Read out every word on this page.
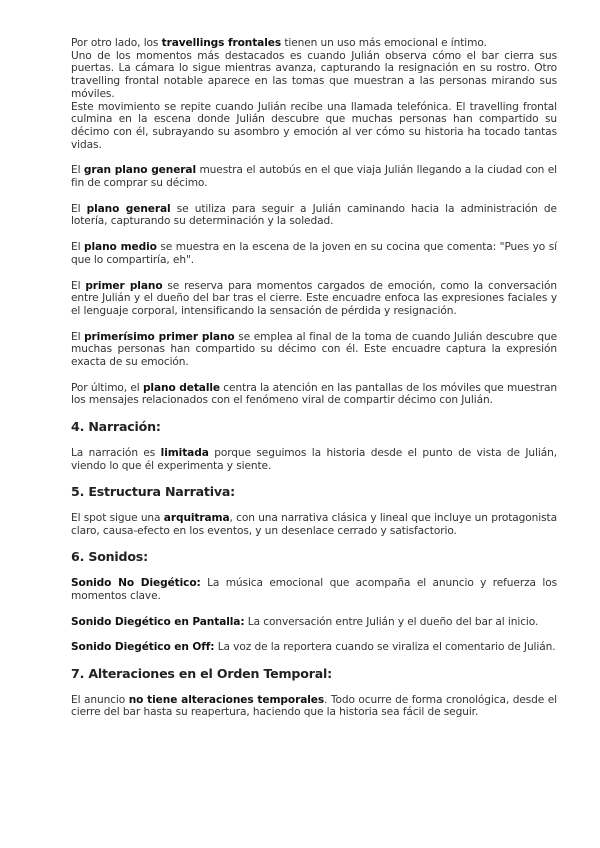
Por otro lado, los travellings frontales tienen un uso más emocional e íntimo.

Uno de los momentos más destacados es cuando Julián observa cómo el bar cierra sus puertas. La cámara lo sigue mientras avanza, capturando la resignación en su rostro. Otro travelling frontal notable aparece en las tomas que muestran a las personas mirando sus móviles.

Este movimiento se repite cuando Julián recibe una llamada telefónica. El travelling frontal culmina en la escena donde Julián descubre que muchas personas han compartido su décimo con él, subrayando su asombro y emoción al ver cómo su historia ha tocado tantas vidas.

El gran plano general muestra el autobús en el que viaja Julián llegando a la ciudad con el fin de comprar su décimo.

El plano general se utiliza para seguir a Julián caminando hacia la administración de lotería, capturando su determinación y la soledad.

El plano medio se muestra en la escena de la joven en su cocina que comenta: "Pues yo sí que lo compartiría, eh".

El primer plano se reserva para momentos cargados de emoción, como la conversación entre Julián y el dueño del bar tras el cierre. Este encuadre enfoca las expresiones faciales y el lenguaje corporal, intensificando la sensación de pérdida y resignación.

El primerísimo primer plano se emplea al final de la toma de cuando Julián descubre que muchas personas han compartido su décimo con él. Este encuadre captura la expresión exacta de su emoción.

Por último, el plano detalle centra la atención en las pantallas de los móviles que muestran los mensajes relacionados con el fenómeno viral de compartir décimo con Julián.

4. Narración:

La narración es limitada porque seguimos la historia desde el punto de vista de Julián, viendo lo que él experimenta y siente.

5. Estructura Narrativa:

El spot sigue una arquitrama, con una narrativa clásica y lineal que incluye un protagonista claro, causa-efecto en los eventos, y un desenlace cerrado y satisfactorio.

6. Sonidos:

Sonido No Diegético: La música emocional que acompaña el anuncio y refuerza los momentos clave.

Sonido Diegético en Pantalla: La conversación entre Julián y el dueño del bar al inicio.

Sonido Diegético en Off: La voz de la reportera cuando se viraliza el comentario de Julián.

7. Alteraciones en el Orden Temporal:

El anuncio no tiene alteraciones temporales. Todo ocurre de forma cronológica, desde el cierre del bar hasta su reapertura, haciendo que la historia sea fácil de seguir.
